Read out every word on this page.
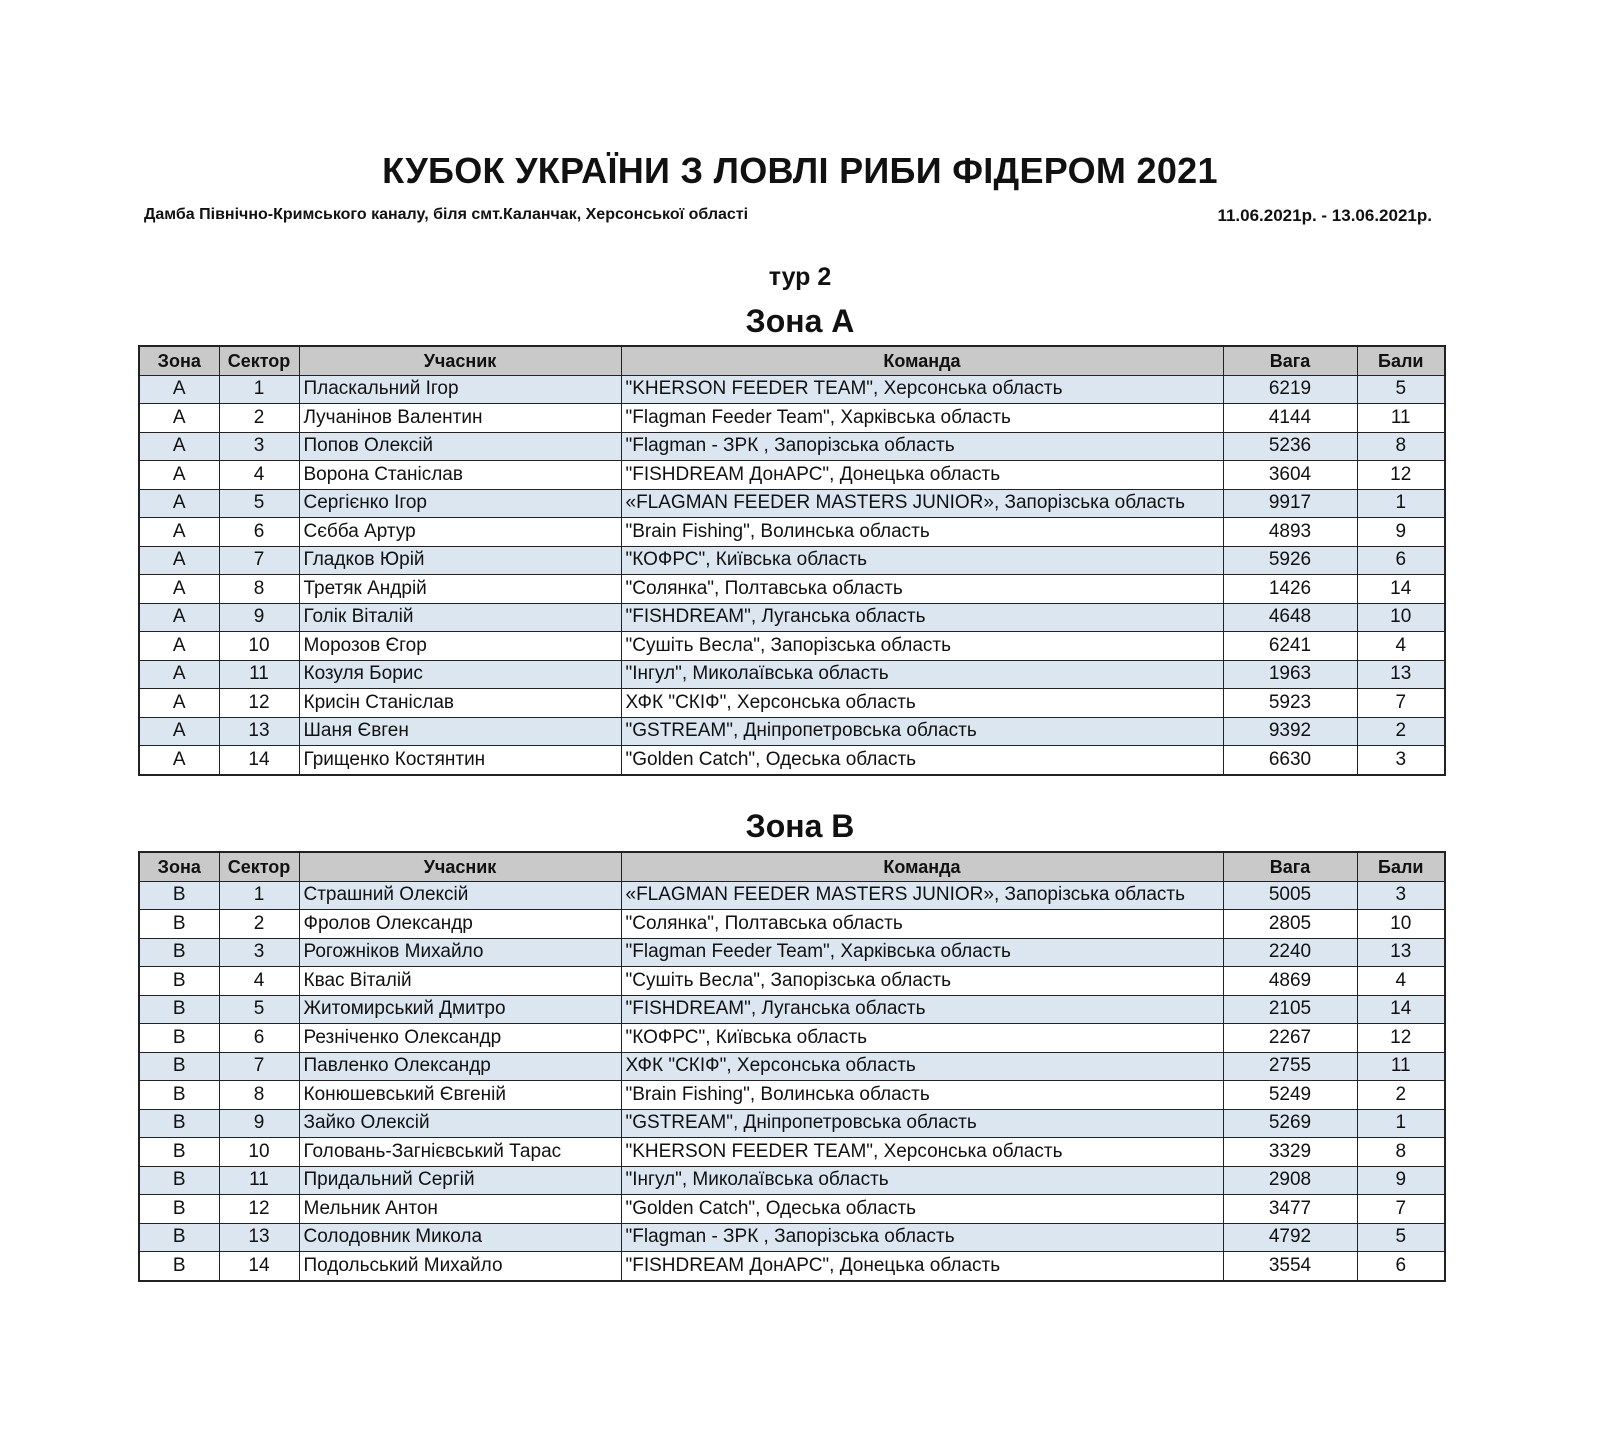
КУБОК УКРАЇНИ З ЛОВЛІ РИБИ ФІДЕРОМ 2021
Дамба Північно-Кримського каналу, біля смт.Каланчак, Херсонської області	11.06.2021р. - 13.06.2021р.
тур 2
Зона А
Зона	Сектор	Учасник	Команда	Вага	Бали
А	1	Пласкальний Ігор	"KHERSON FEEDER TEAM", Херсонська область	6219	5
А	2	Лучанінов Валентин	"Flagman Feeder Team", Харківська область	4144	11
А	3	Попов Олексій	"Flagman - ЗРК , Запорізська область	5236	8
А	4	Ворона Станіслав	"FISHDREAM ДонАРС", Донецька область	3604	12
А	5	Сергієнко Ігор	«FLAGMAN FEEDER MASTERS JUNIOR», Запорізська область	9917	1
А	6	Сєбба Артур	"Brain Fishing", Волинська область	4893	9
А	7	Гладков Юрій	"КОФРС", Київська область	5926	6
А	8	Третяк Андрій	"Солянка", Полтавська область	1426	14
А	9	Голік Віталій	"FISHDREAM", Луганська область	4648	10
А	10	Морозов Єгор	"Сушіть Весла", Запорізська область	6241	4
А	11	Козуля Борис	"Інгул", Миколаївська область	1963	13
А	12	Крисін Станіслав	ХФК "СКІФ", Херсонська область	5923	7
А	13	Шаня Євген	"GSTREAM", Дніпропетровська область	9392	2
А	14	Грищенко Костянтин	"Golden Catch", Одеська область	6630	3
Зона В
Зона	Сектор	Учасник	Команда	Вага	Бали
В	1	Страшний Олексій	«FLAGMAN FEEDER MASTERS JUNIOR», Запорізська область	5005	3
В	2	Фролов Олександр	"Солянка", Полтавська область	2805	10
В	3	Рогожніков Михайло	"Flagman Feeder Team", Харківська область	2240	13
В	4	Квас Віталій	"Сушіть Весла", Запорізська область	4869	4
В	5	Житомирський Дмитро	"FISHDREAM", Луганська область	2105	14
В	6	Резніченко Олександр	"КОФРС", Київська область	2267	12
В	7	Павленко Олександр	ХФК "СКІФ", Херсонська область	2755	11
В	8	Конюшевський Євгеній	"Brain Fishing", Волинська область	5249	2
В	9	Зайко Олексій	"GSTREAM", Дніпропетровська область	5269	1
В	10	Головань-Загнієвський Тарас	"KHERSON FEEDER TEAM", Херсонська область	3329	8
В	11	Придальний Сергій	"Інгул", Миколаївська область	2908	9
В	12	Мельник Антон	"Golden Catch", Одеська область	3477	7
В	13	Солодовник Микола	"Flagman - ЗРК , Запорізська область	4792	5
В	14	Подольський Михайло	"FISHDREAM ДонАРС", Донецька область	3554	6
